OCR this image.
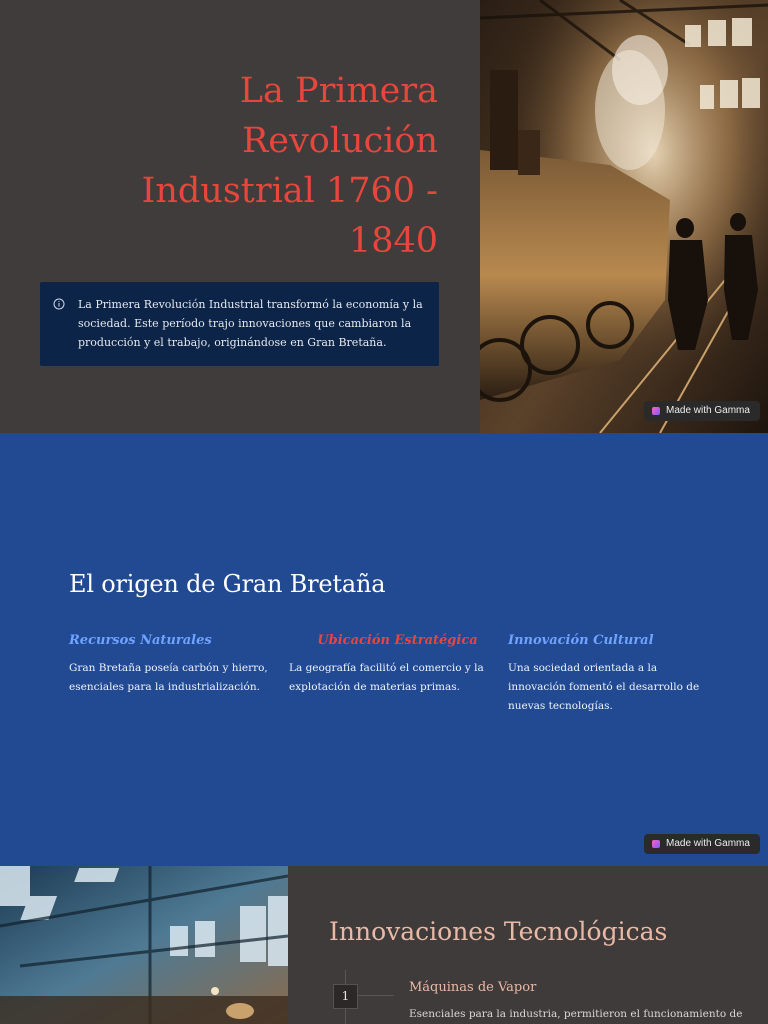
La Primera Revolución Industrial 1760 - 1840

La Primera Revolución Industrial transformó la economía y la sociedad. Este período trajo innovaciones que cambiaron la producción y el trabajo, originándose en Gran Bretaña.

Made with Gamma
El origen de Gran Bretaña
Recursos Naturales

Gran Bretaña poseía carbón y hierro, esenciales para la industrialización.

Ubicación Estratégica

La geografía facilitó el comercio y la explotación de materias primas.

Innovación Cultural

Una sociedad orientada a la innovación fomentó el desarrollo de nuevas tecnologías.

Made with Gamma
Innovaciones Tecnológicas
1
Máquinas de Vapor
Esenciales para la industria, permitieron el funcionamiento de
